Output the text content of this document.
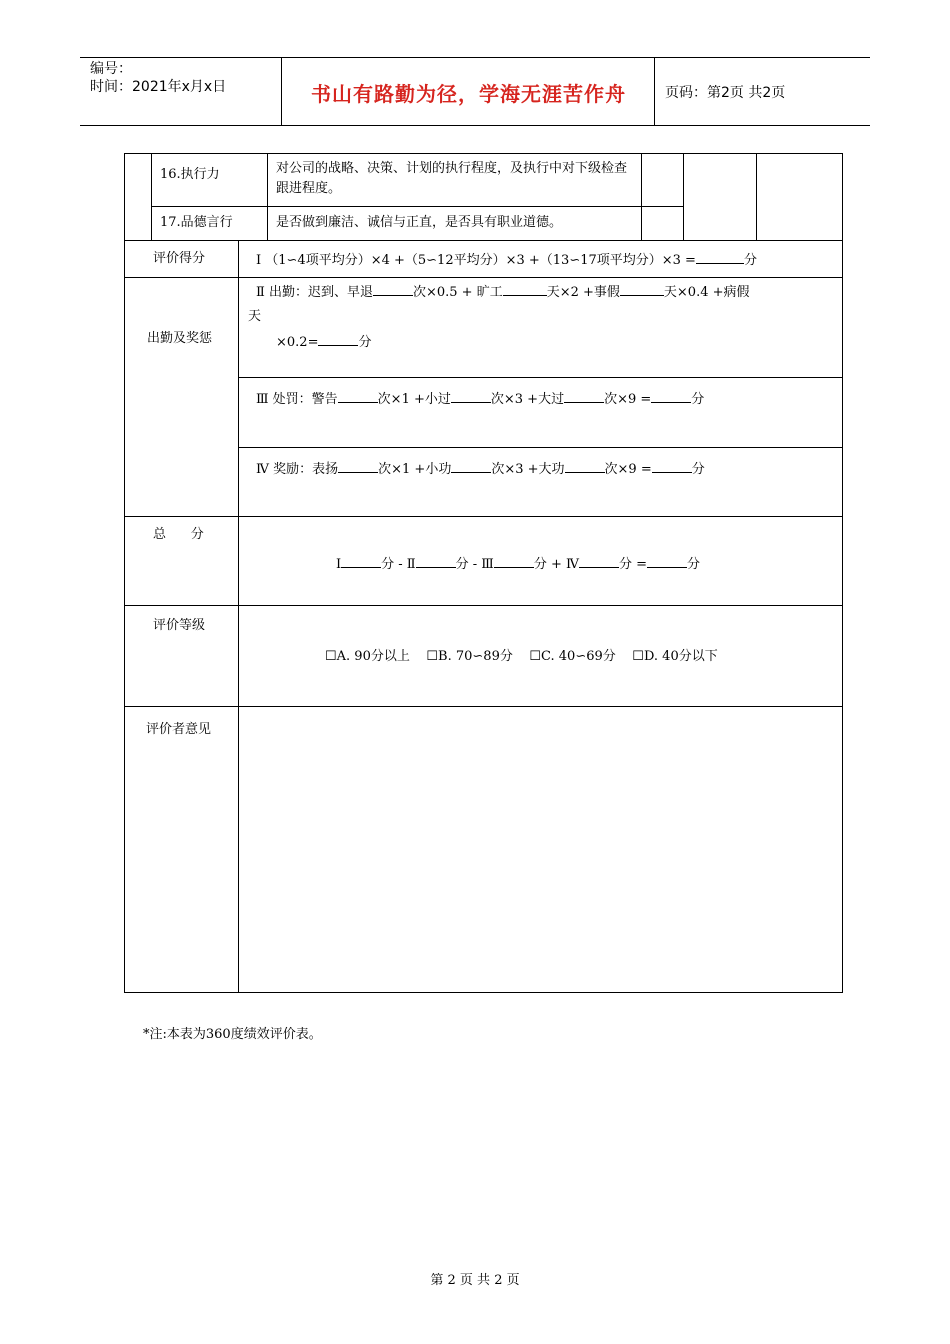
编号：
时间：2021年x月x日	书山有路勤为径，学海无涯苦作舟	页码：第2页 共2页
16.执行力	对公司的战略、决策、计划的执行程度，及执行中对下级检查跟进程度。
17.品德言行	是否做到廉洁、诚信与正直，是否具有职业道德。
评价得分	Ⅰ （1∽4项平均分）×4 +（5∽12平均分）×3 +（13∽17项平均分）×3 =	分
出勤及奖惩
Ⅱ 出勤：迟到、早退	次×0.5 + 旷工	天×2 +事假	天×0.4 +病假
天
×0.2=	分
Ⅲ 处罚：警告	次×1 +小过	次×3 +大过	次×9 =	分
Ⅳ 奖励：表扬	次×1 +小功	次×3 +大功	次×9 =	分
总      分
Ⅰ	分 - Ⅱ	分 - Ⅲ	分 + Ⅳ	分 =	分
评价等级
☐A. 90分以上 ☐B. 70∽89分 ☐C. 40∽69分 ☐D. 40分以下
评价者意见
*注:本表为360度绩效评价表。
第 2 页 共 2 页
